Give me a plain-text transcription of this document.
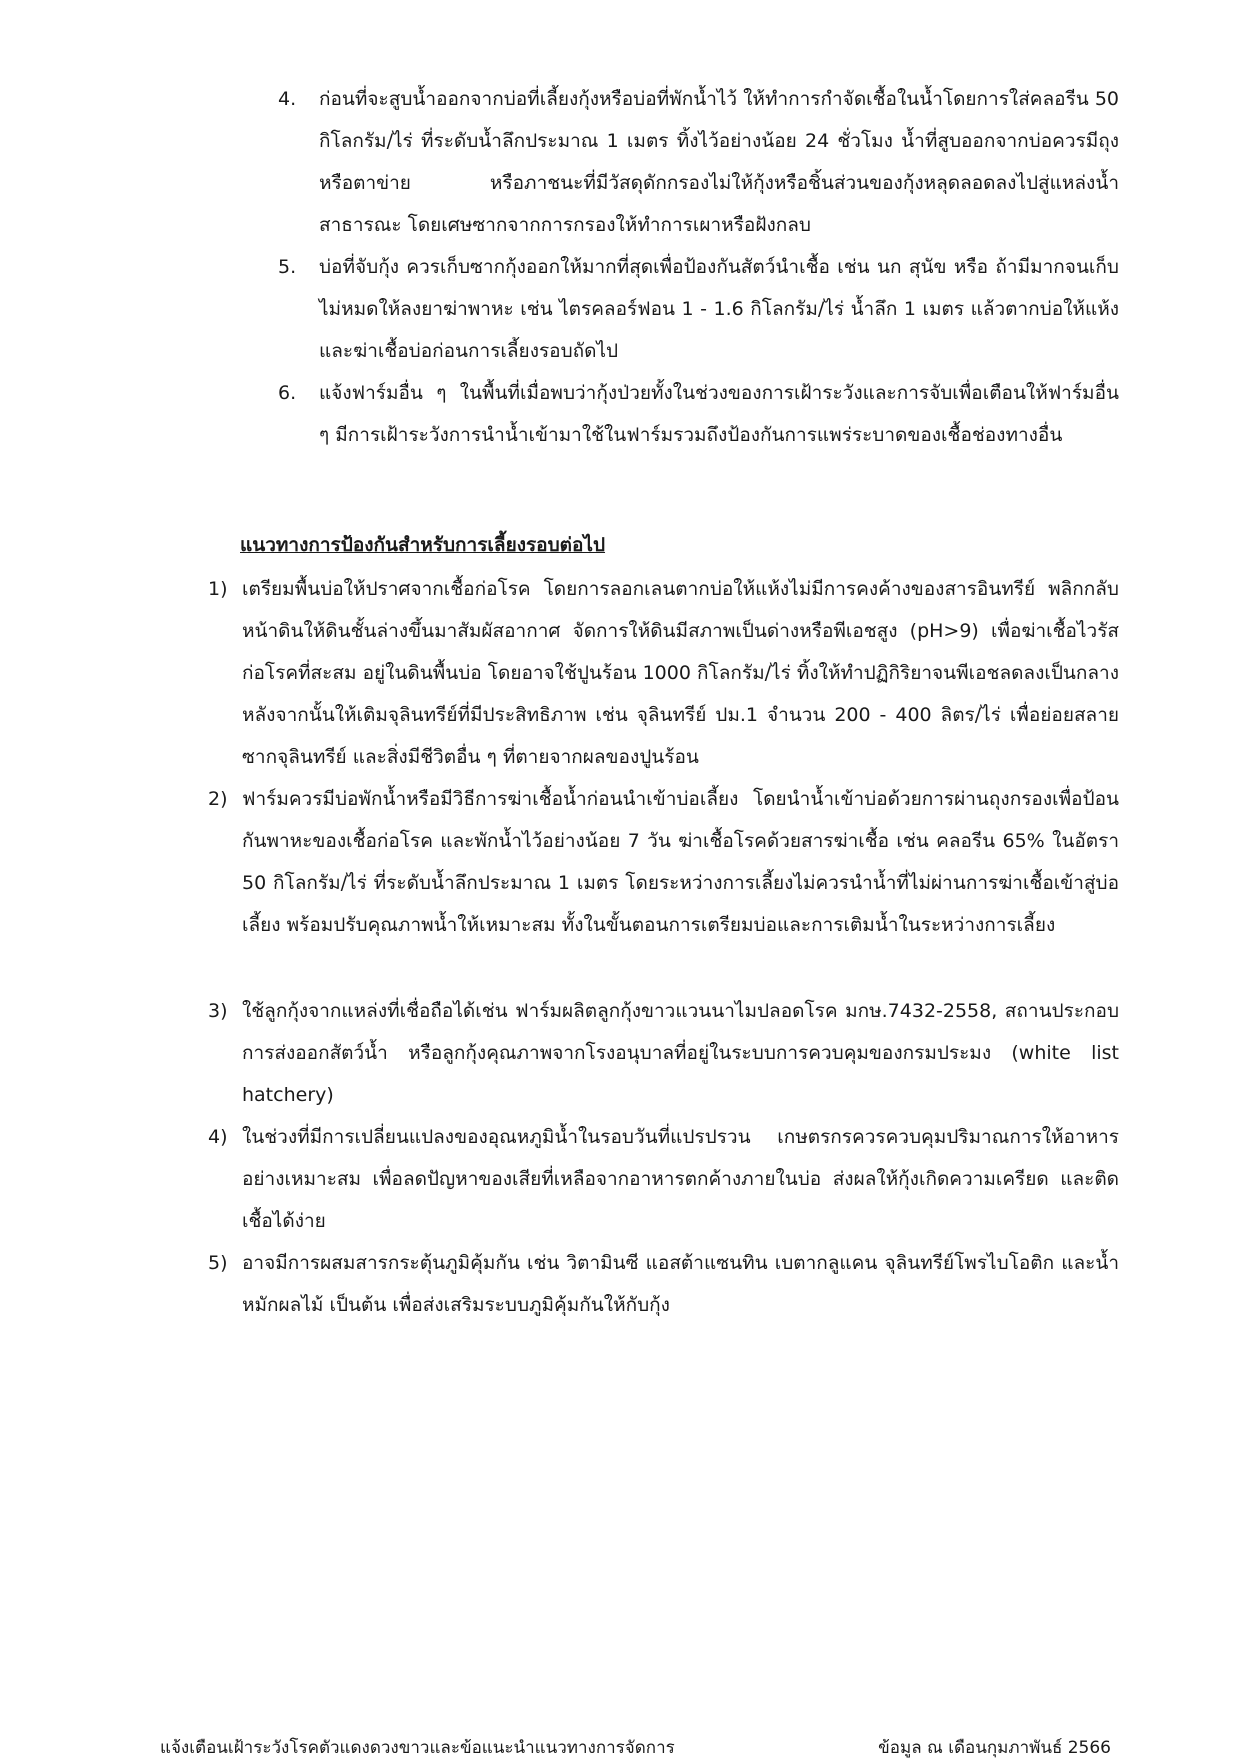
4. ก่อนที่จะสูบน้ำออกจากบ่อที่เลี้ยงกุ้งหรือบ่อที่พักน้ำไว้ ให้ทำการกำจัดเชื้อในน้ำโดยการใส่คลอรีน 50 กิโลกรัม/ไร่ ที่ระดับน้ำลึกประมาณ 1 เมตร ทิ้งไว้อย่างน้อย 24 ชั่วโมง น้ำที่สูบออกจากบ่อควรมีถุงหรือตาข่าย หรือภาชนะที่มีวัสดุดักกรองไม่ให้กุ้งหรือชิ้นส่วนของกุ้งหลุดลอดลงไปสู่แหล่งน้ำสาธารณะ โดยเศษซากจากการกรองให้ทำการเผาหรือฝังกลบ
5. บ่อที่จับกุ้ง ควรเก็บซากกุ้งออกให้มากที่สุดเพื่อป้องกันสัตว์นำเชื้อ เช่น นก สุนัข หรือ ถ้ามีมากจนเก็บไม่หมดให้ลงยาฆ่าพาหะ เช่น ไตรคลอร์ฟอน 1 - 1.6 กิโลกรัม/ไร่ น้ำลึก 1 เมตร แล้วตากบ่อให้แห้งและฆ่าเชื้อบ่อก่อนการเลี้ยงรอบถัดไป
6. แจ้งฟาร์มอื่น ๆ ในพื้นที่เมื่อพบว่ากุ้งป่วยทั้งในช่วงของการเฝ้าระวังและการจับเพื่อเตือนให้ฟาร์มอื่น ๆ มีการเฝ้าระวังการนำน้ำเข้ามาใช้ในฟาร์มรวมถึงป้องกันการแพร่ระบาดของเชื้อช่องทางอื่น
แนวทางการป้องกันสำหรับการเลี้ยงรอบต่อไป
1) เตรียมพื้นบ่อให้ปราศจากเชื้อก่อโรค โดยการลอกเลนตากบ่อให้แห้งไม่มีการคงค้างของสารอินทรีย์ พลิกกลับหน้าดินให้ดินชั้นล่างขึ้นมาสัมผัสอากาศ จัดการให้ดินมีสภาพเป็นด่างหรือพีเอชสูง (pH>9) เพื่อฆ่าเชื้อไวรัสก่อโรคที่สะสม อยู่ในดินพื้นบ่อ โดยอาจใช้ปูนร้อน 1000 กิโลกรัม/ไร่ ทิ้งให้ทำปฏิกิริยาจนพีเอชลดลงเป็นกลาง หลังจากนั้นให้เติมจุลินทรีย์ที่มีประสิทธิภาพ เช่น จุลินทรีย์ ปม.1 จำนวน 200 - 400 ลิตร/ไร่ เพื่อย่อยสลายซากจุลินทรีย์ และสิ่งมีชีวิตอื่น ๆ ที่ตายจากผลของปูนร้อน
2) ฟาร์มควรมีบ่อพักน้ำหรือมีวิธีการฆ่าเชื้อน้ำก่อนนำเข้าบ่อเลี้ยง โดยนำน้ำเข้าบ่อด้วยการผ่านถุงกรองเพื่อป้อนกันพาหะของเชื้อก่อโรค และพักน้ำไว้อย่างน้อย 7 วัน ฆ่าเชื้อโรคด้วยสารฆ่าเชื้อ เช่น คลอรีน 65% ในอัตรา 50 กิโลกรัม/ไร่ ที่ระดับน้ำลึกประมาณ 1 เมตร โดยระหว่างการเลี้ยงไม่ควรนำน้ำที่ไม่ผ่านการฆ่าเชื้อเข้าสู่บ่อเลี้ยง พร้อมปรับคุณภาพน้ำให้เหมาะสม ทั้งในขั้นตอนการเตรียมบ่อและการเติมน้ำในระหว่างการเลี้ยง
3) ใช้ลูกกุ้งจากแหล่งที่เชื่อถือได้เช่น ฟาร์มผลิตลูกกุ้งขาวแวนนาไมปลอดโรค มกษ.7432-2558, สถานประกอบการส่งออกสัตว์น้ำ หรือลูกกุ้งคุณภาพจากโรงอนุบาลที่อยู่ในระบบการควบคุมของกรมประมง (white list hatchery)
4) ในช่วงที่มีการเปลี่ยนแปลงของอุณหภูมิน้ำในรอบวันที่แปรปรวน เกษตรกรควรควบคุมปริมาณการให้อาหารอย่างเหมาะสม เพื่อลดปัญหาของเสียที่เหลือจากอาหารตกค้างภายในบ่อ ส่งผลให้กุ้งเกิดความเครียด และติดเชื้อได้ง่าย
5) อาจมีการผสมสารกระตุ้นภูมิคุ้มกัน เช่น วิตามินซี แอสต้าแซนทิน เบตากลูแคน จุลินทรีย์โพรไบโอติก และน้ำหมักผลไม้ เป็นต้น เพื่อส่งเสริมระบบภูมิคุ้มกันให้กับกุ้ง
แจ้งเตือนเฝ้าระวังโรคตัวแดงดวงขาวและข้อแนะนำแนวทางการจัดการ	ข้อมูล ณ เดือนกุมภาพันธ์ 2566
